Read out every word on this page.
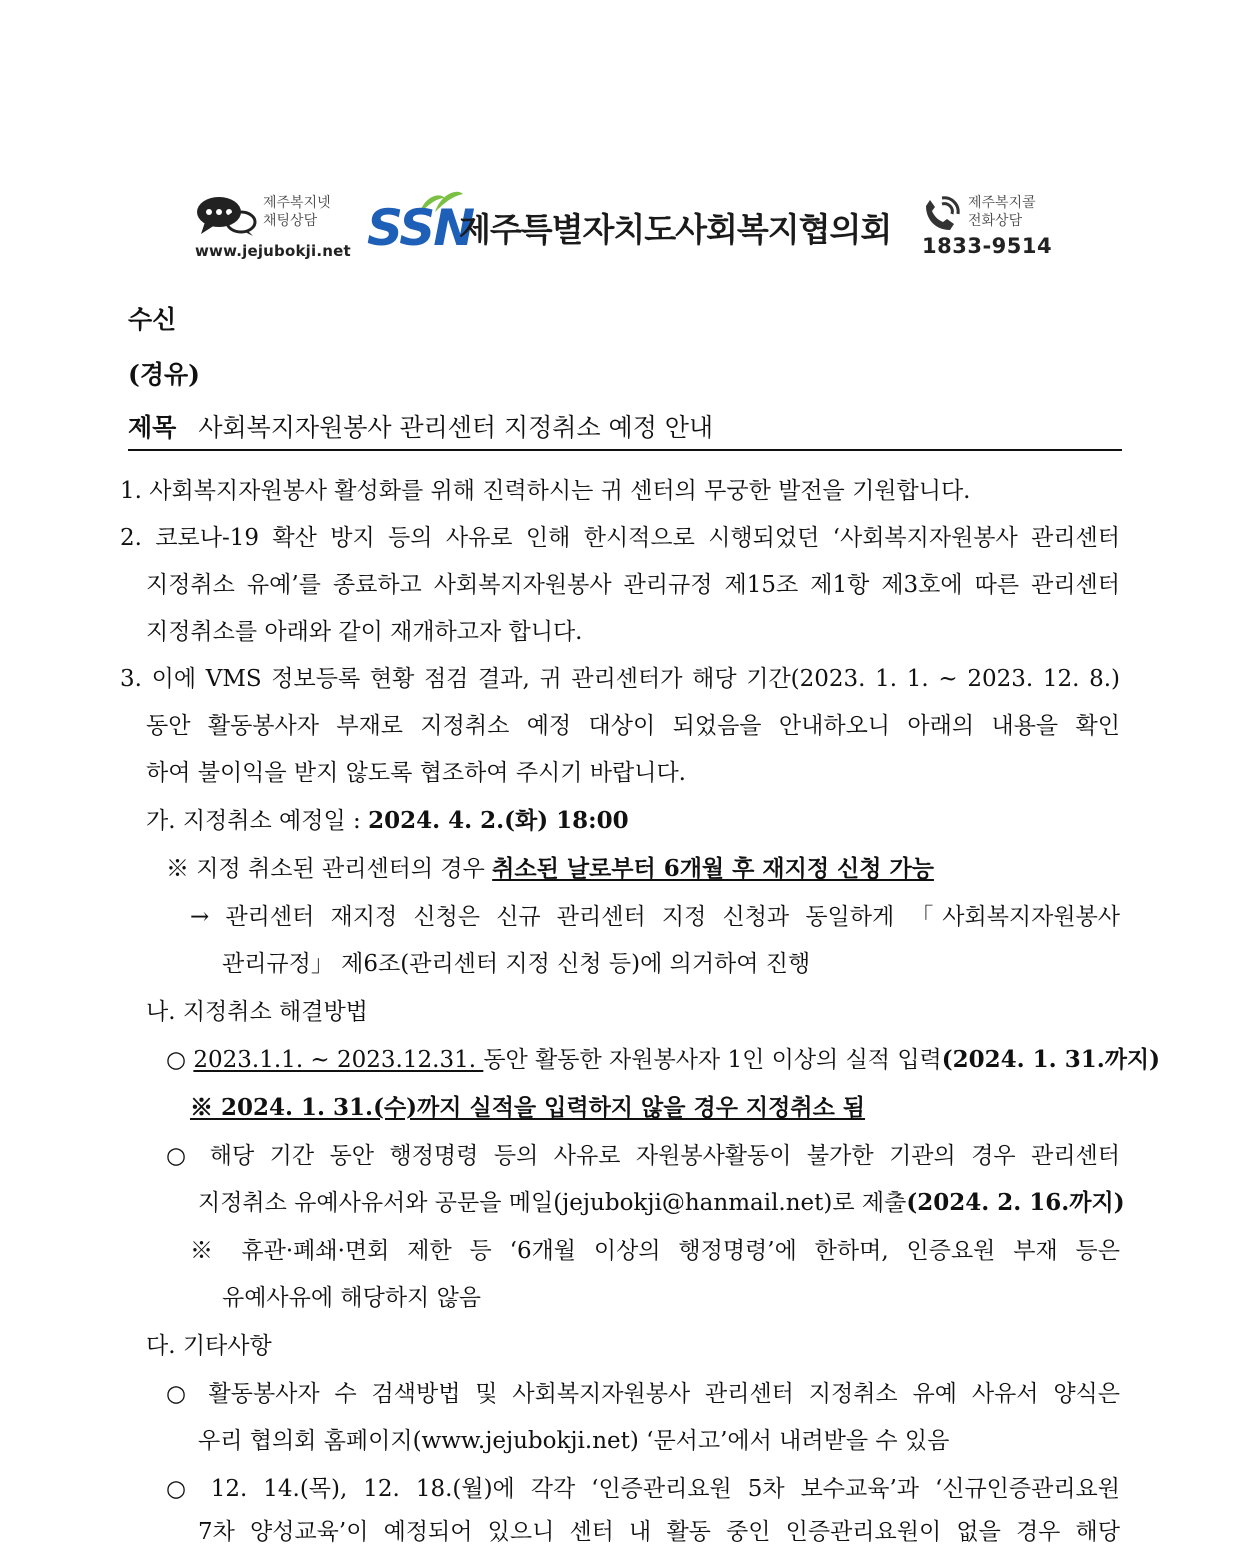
제주복지넷
채팅상담
www.jejubokji.net SSN
제주특별자치도사회복지협의회
제주복지콜
전화상담
1833-9514
수신
(경유)
제목 사회복지자원봉사 관리센터 지정취소 예정 안내
1. 사회복지자원봉사 활성화를 위해 진력하시는 귀 센터의 무궁한 발전을 기원합니다.
2. 코로나-19 확산 방지 등의 사유로 인해 한시적으로 시행되었던 ‘사회복지자원봉사 관리센터
지정취소 유예’를 종료하고 사회복지자원봉사 관리규정 제15조 제1항 제3호에 따른 관리센터
지정취소를 아래와 같이 재개하고자 합니다.
3. 이에 VMS 정보등록 현황 점검 결과, 귀 관리센터가 해당 기간(2023. 1. 1. ~ 2023. 12. 8.)
동안 활동봉사자 부재로 지정취소 예정 대상이 되었음을 안내하오니 아래의 내용을 확인
하여 불이익을 받지 않도록 협조하여 주시기 바랍니다.
가. 지정취소 예정일 : 2024. 4. 2.(화) 18:00
※ 지정 취소된 관리센터의 경우 취소된 날로부터 6개월 후 재지정 신청 가능
→ 관리센터 재지정 신청은 신규 관리센터 지정 신청과 동일하게 「사회복지자원봉사
관리규정」 제6조(관리센터 지정 신청 등)에 의거하여 진행
나. 지정취소 해결방법
○ 2023.1.1. ~ 2023.12.31. 동안 활동한 자원봉사자 1인 이상의 실적 입력(2024. 1. 31.까지)
※ 2024. 1. 31.(수)까지 실적을 입력하지 않을 경우 지정취소 됨
○ 해당 기간 동안 행정명령 등의 사유로 자원봉사활동이 불가한 기관의 경우 관리센터
지정취소 유예사유서와 공문을 메일(jejubokji@hanmail.net)로 제출(2024. 2. 16.까지)
※ 휴관·폐쇄·면회 제한 등 ‘6개월 이상의 행정명령’에 한하며, 인증요원 부재 등은
유예사유에 해당하지 않음
다. 기타사항
○ 활동봉사자 수 검색방법 및 사회복지자원봉사 관리센터 지정취소 유예 사유서 양식은
우리 협의회 홈페이지(www.jejubokji.net) ‘문서고’에서 내려받을 수 있음
○ 12. 14.(목), 12. 18.(월)에 각각 ‘인증관리요원 5차 보수교육’과 ‘신규인증관리요원
7차 양성교육’이 예정되어 있으니 센터 내 활동 중인 인증관리요원이 없을 경우 해당
